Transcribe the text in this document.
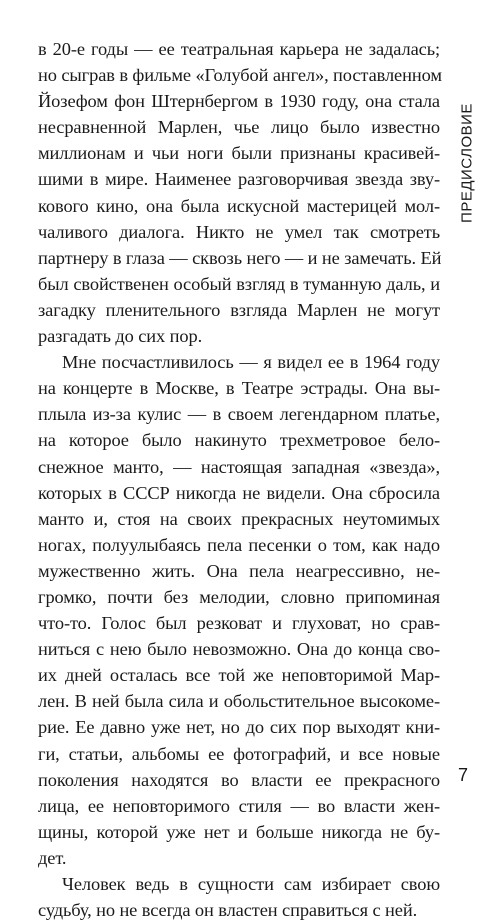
в 20-е годы — ее театральная карьера не задалась;
но сыграв в фильме «Голубой ангел», поставленном
Йозефом фон Штернбергом в 1930 году, она стала
несравненной Марлен, чье лицо было известно
миллионам и чьи ноги были признаны красивей-
шими в мире. Наименее разговорчивая звезда зву-
кового кино, она была искусной мастерицей мол-
чаливого диалога. Никто не умел так смотреть
партнеру в глаза — сквозь него — и не замечать. Ей
был свойственен особый взгляд в туманную даль, и
загадку пленительного взгляда Марлен не могут
разгадать до сих пор.
Мне посчастливилось — я видел ее в 1964 году
на концерте в Москве, в Театре эстрады. Она вы-
плыла из-за кулис — в своем легендарном платье,
на которое было накинуто трехметровое бело-
снежное манто, — настоящая западная «звезда»,
которых в СССР никогда не видели. Она сбросила
манто и, стоя на своих прекрасных неутомимых
ногах, полуулыбаясь пела песенки о том, как надо
мужественно жить. Она пела неагрессивно, не-
громко, почти без мелодии, словно припоминая
что-то. Голос был резковат и глуховат, но срав-
ниться с нею было невозможно. Она до конца сво-
их дней осталась все той же неповторимой Мар-
лен. В ней была сила и обольстительное высокоме-
рие. Ее давно уже нет, но до сих пор выходят кни-
ги, статьи, альбомы ее фотографий, и все новые
поколения находятся во власти ее прекрасного
лица, ее неповторимого стиля — во власти жен-
щины, которой уже нет и больше никогда не бу-
дет.
Человек ведь в сущности сам избирает свою
судьбу, но не всегда он властен справиться с ней.
ПРЕДИСЛОВИЕ
7
